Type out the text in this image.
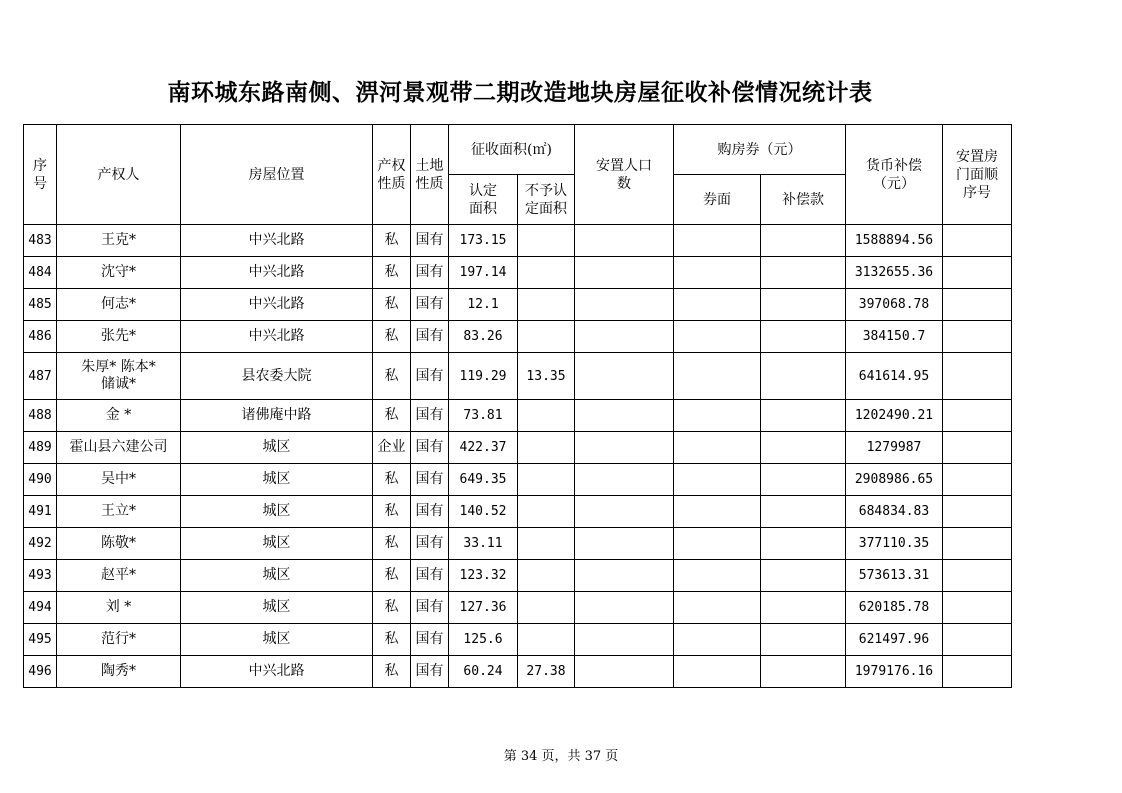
南环城东路南侧、淠河景观带二期改造地块房屋征收补偿情况统计表
序号	产权人	房屋位置	产权性质	土地性质	征收面积(㎡)		安置人口数	购房券（元）		货币补偿（元）	安置房门面顺序号
					认定面积	不予认定面积		券面	补偿款		
483	王克*	中兴北路	私	国有	173.15					1588894.56	
484	沈守*	中兴北路	私	国有	197.14					3132655.36	
485	何志*	中兴北路	私	国有	12.1					397068.78	
486	张先*	中兴北路	私	国有	83.26					384150.7	
487	朱厚* 陈本*
储诚*	县农委大院	私	国有	119.29	13.35				641614.95	
488	金 *	诸佛庵中路	私	国有	73.81					1202490.21	
489	霍山县六建公司	城区	企业	国有	422.37					1279987	
490	吴中*	城区	私	国有	649.35					2908986.65	
491	王立*	城区	私	国有	140.52					684834.83	
492	陈敬*	城区	私	国有	33.11					377110.35	
493	赵平*	城区	私	国有	123.32					573613.31	
494	刘 *	城区	私	国有	127.36					620185.78	
495	范行*	城区	私	国有	125.6					621497.96	
496	陶秀*	中兴北路	私	国有	60.24	27.38				1979176.16	
第 34 页，共 37 页
